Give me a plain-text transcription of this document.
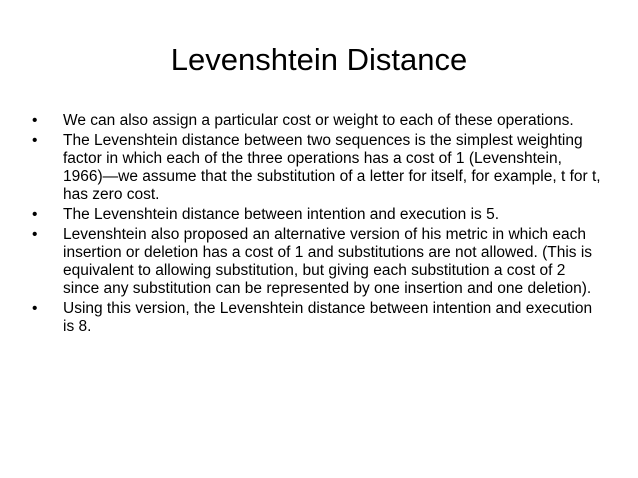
Levenshtein Distance
•	We can also assign a particular cost or weight to each of these operations.
•	The Levenshtein distance between two sequences is the simplest weighting factor in which each of the three operations has a cost of 1 (Levenshtein, 1966)—we assume that the substitution of a letter for itself, for example, t for t, has zero cost.
•	The Levenshtein distance between intention and execution is 5.
•	Levenshtein also proposed an alternative version of his metric in which each insertion or deletion has a cost of 1 and substitutions are not allowed. (This is equivalent to allowing substitution, but giving each substitution a cost of 2 since any substitution can be represented by one insertion and one deletion).
•	Using this version, the Levenshtein distance between intention and execution is 8.
